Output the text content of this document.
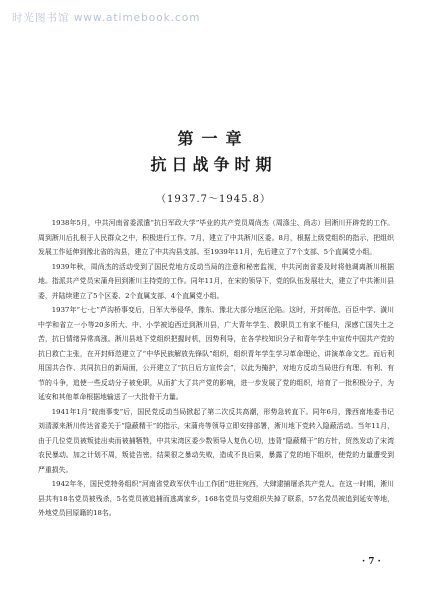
时光图书馆 www.atimebook.com
第一章
抗日战争时期
（1937.7～1945.8）

1938年5月，中共河南省委派遣“抗日军政大学”毕业的共产党员周尚杰（周涤尘、尚志）回淅川开辟党的工作。周到淅川后扎根于人民群众之中，积极进行工作。7月，建立了中共淅川区委。8月，根据上级党组织的指示，把组织发展工作延伸到豫北省的沟县，建立了中共沟县支部。至1939年11月，先后建立了7个支部、5个直属党小组。

1939年秋，周尚杰的活动受到了国民党地方反动当局的注意和秘密监视，中共河南省委及时将他调离淅川根据地。指派共产党员宋蒲舟回到淅川主持党的工作。同年11月，在宋的领导下，党的队伍发展壮大，建立了中共淅川县委，并陆续建立了5个区委、2个直属支部、4个直属党小组。

1937年“七·七”芦沟桥事变后，日军大举侵华，豫东、豫北大部分地区沦陷。这时，开封师范、百臣中学、潢川中学和省立一小等20多所大、中、小学被迫西迁到淅川县，广大青年学生、教职员工有家不能归，深感亡国失土之苦，抗日情绪异常高涨。淅川县地下党组织把握时机，因势利导，在各学校知识分子和青年学生中宣传中国共产党的抗日救亡主张，在开封师范建立了“中华民族解放先锋队”组织，组织青年学生学习革命理论、讲演革命文艺。而后利用国共合作、共同抗日的新局面，公开建立了“抗日后方宣传会”，以此为掩护，对地方反动当局进行有理、有利、有节的斗争，追使一些反动分子被免职，从而扩大了共产党的影响，进一步发展了党的组织，培育了一批积极分子，为延安和其他革命根据地输送了一大批骨干力量。

1941年1月“皖南事变”后，国民党反动当局掀起了第二次反共高潮，形势急转直下。同年6月，豫西南地委书记刘清源来淅川传达省委关于“隐蔽精干”的指示，宋蒲舟等领导立即安排部署，淅川地下党转入隐蔽活动。当年11月，由于几位党员被叛徒出卖而被捕牺牲，中共宋湾区委少数领导人复仇心切，违背“隐蔽精干”的方针，贸然发动了宋湾农民暴动。加之计划不周，叛徒告密，结果很之暴动失败，造成不良后果，暴露了党的地下组织，使党的力量遭受到严重损失。

1942年冬，国民党特务组织“河南省党政军伏牛山工作团”进驻宛西，大肆逮捕屠杀共产党人。在这一时期，淅川县共有18名党员被残杀，5名党员被追捕而逃离家乡，168名党员与党组织失掉了联系，57名党员被追到延安等地，外地党员回原籍的18名。

· 7 ·
